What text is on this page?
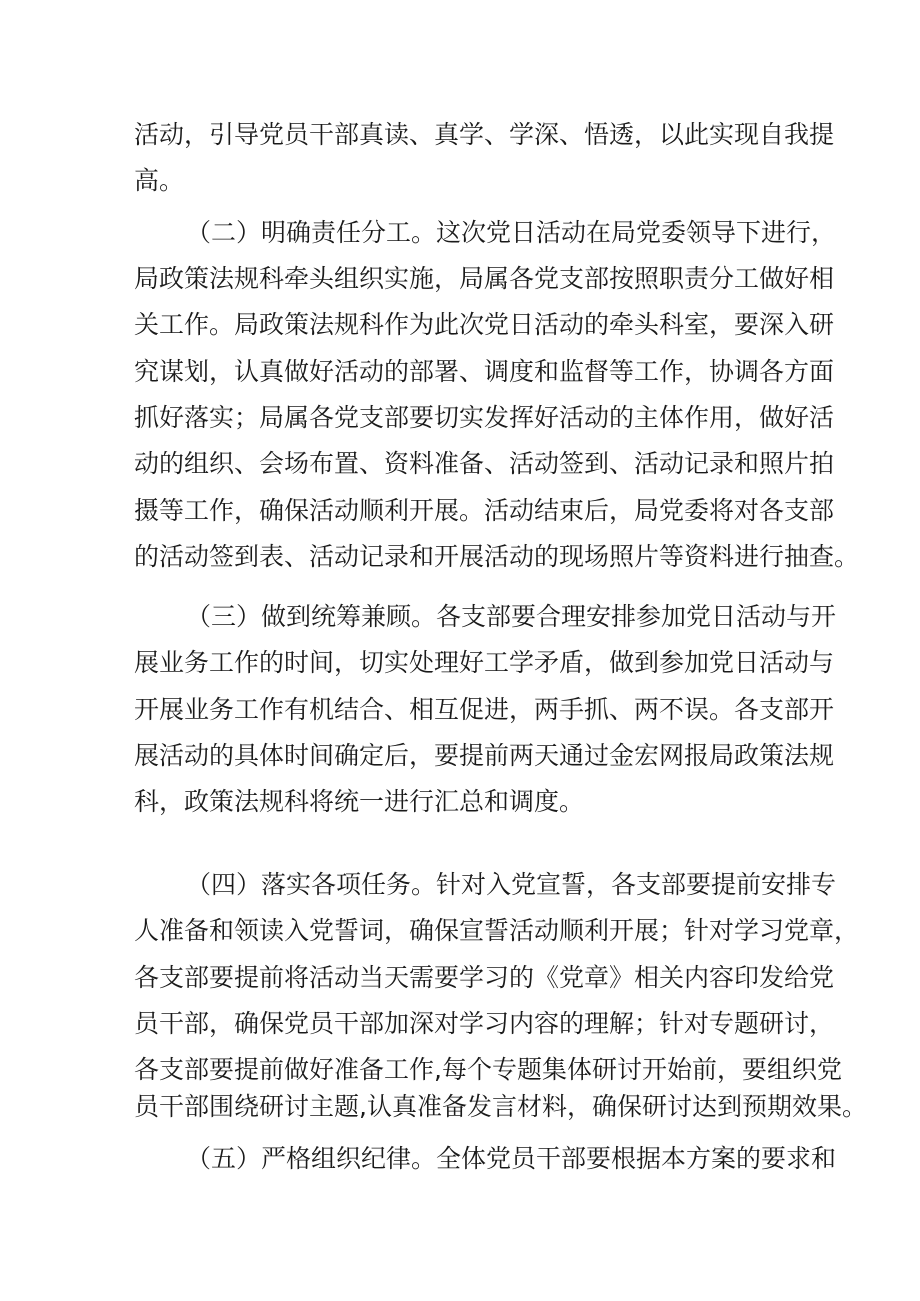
活动，引导党员干部真读、真学、学深、悟透，以此实现自我提
高。
（二）明确责任分工。这次党日活动在局党委领导下进行，
局政策法规科牵头组织实施，局属各党支部按照职责分工做好相
关工作。局政策法规科作为此次党日活动的牵头科室，要深入研
究谋划，认真做好活动的部署、调度和监督等工作，协调各方面
抓好落实；局属各党支部要切实发挥好活动的主体作用，做好活
动的组织、会场布置、资料准备、活动签到、活动记录和照片拍
摄等工作，确保活动顺利开展。活动结束后，局党委将对各支部
的活动签到表、活动记录和开展活动的现场照片等资料进行抽查。
（三）做到统筹兼顾。各支部要合理安排参加党日活动与开
展业务工作的时间，切实处理好工学矛盾，做到参加党日活动与
开展业务工作有机结合、相互促进，两手抓、两不误。各支部开
展活动的具体时间确定后，要提前两天通过金宏网报局政策法规
科，政策法规科将统一进行汇总和调度。
（四）落实各项任务。针对入党宣誓，各支部要提前安排专
人准备和领读入党誓词，确保宣誓活动顺利开展；针对学习党章，
各支部要提前将活动当天需要学习的《党章》相关内容印发给党
员干部，确保党员干部加深对学习内容的理解；针对专题研讨，
各支部要提前做好准备工作,每个专题集体研讨开始前，要组织党
员干部围绕研讨主题,认真准备发言材料，确保研讨达到预期效果。
（五）严格组织纪律。全体党员干部要根据本方案的要求和
